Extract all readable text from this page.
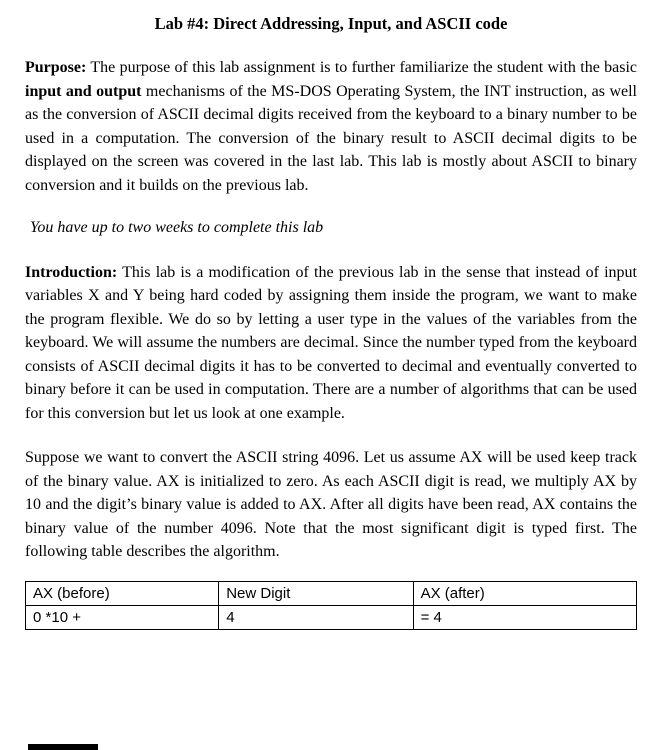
Lab #4: Direct Addressing, Input, and ASCII code

Purpose: The purpose of this lab assignment is to further familiarize the student with the basic input and output mechanisms of the MS-DOS Operating System, the INT instruction, as well as the conversion of ASCII decimal digits received from the keyboard to a binary number to be used in a computation. The conversion of the binary result to ASCII decimal digits to be displayed on the screen was covered in the last lab. This lab is mostly about ASCII to binary conversion and it builds on the previous lab.

You have up to two weeks to complete this lab

Introduction: This lab is a modification of the previous lab in the sense that instead of input variables X and Y being hard coded by assigning them inside the program, we want to make the program flexible. We do so by letting a user type in the values of the variables from the keyboard. We will assume the numbers are decimal. Since the number typed from the keyboard consists of ASCII decimal digits it has to be converted to decimal and eventually converted to binary before it can be used in computation. There are a number of algorithms that can be used for this conversion but let us look at one example.

Suppose we want to convert the ASCII string 4096. Let us assume AX will be used keep track of the binary value. AX is initialized to zero. As each ASCII digit is read, we multiply AX by 10 and the digit’s binary value is added to AX. After all digits have been read, AX contains the binary value of the number 4096. Note that the most significant digit is typed first. The following table describes the algorithm.

AX (before)	New Digit	AX (after)
0 *10 +	4	= 4
